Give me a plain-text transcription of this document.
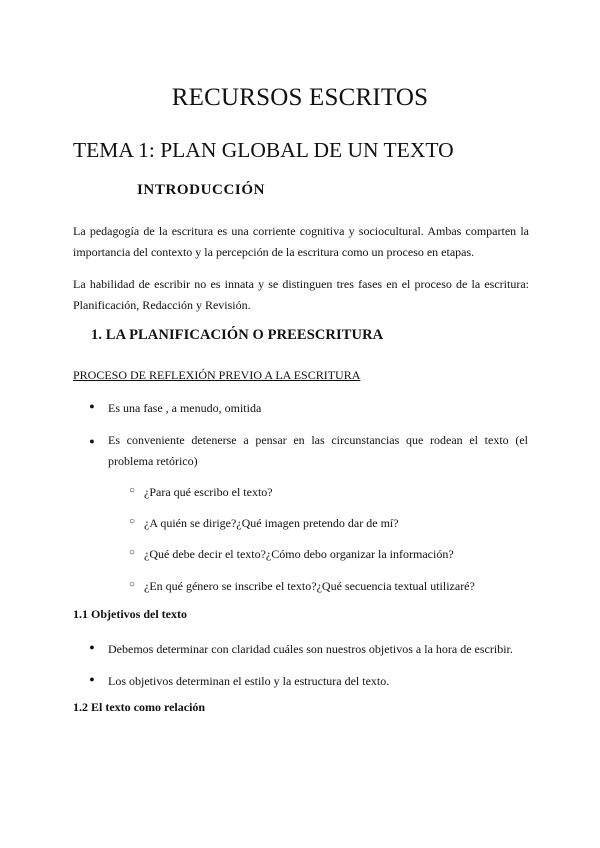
RECURSOS ESCRITOS
TEMA 1: PLAN GLOBAL DE UN TEXTO
INTRODUCCIÓN
La pedagogía de la escritura es una corriente cognitiva y sociocultural. Ambas comparten la importancia del contexto y la percepción de la escritura como un proceso en etapas.
La habilidad de escribir no es innata y se distinguen tres fases en el proceso de la escritura: Planificación, Redacción y Revisión.
1. LA PLANIFICACIÓN O PREESCRITURA
PROCESO DE REFLEXIÓN PREVIO A LA ESCRITURA
● Es una fase , a menudo, omitida
● Es conveniente detenerse a pensar en las circunstancias que rodean el texto (el problema retórico)
○ ¿Para qué escribo el texto?
○ ¿A quién se dirige?¿Qué imagen pretendo dar de mí?
○ ¿Qué debe decir el texto?¿Cómo debo organizar la información?
○ ¿En qué género se inscribe el texto?¿Qué secuencia textual utilizaré?
1.1 Objetivos del texto
● Debemos determinar con claridad cuáles son nuestros objetivos a la hora de escribir.
● Los objetivos determinan el estilo y la estructura del texto.
1.2 El texto como relación
